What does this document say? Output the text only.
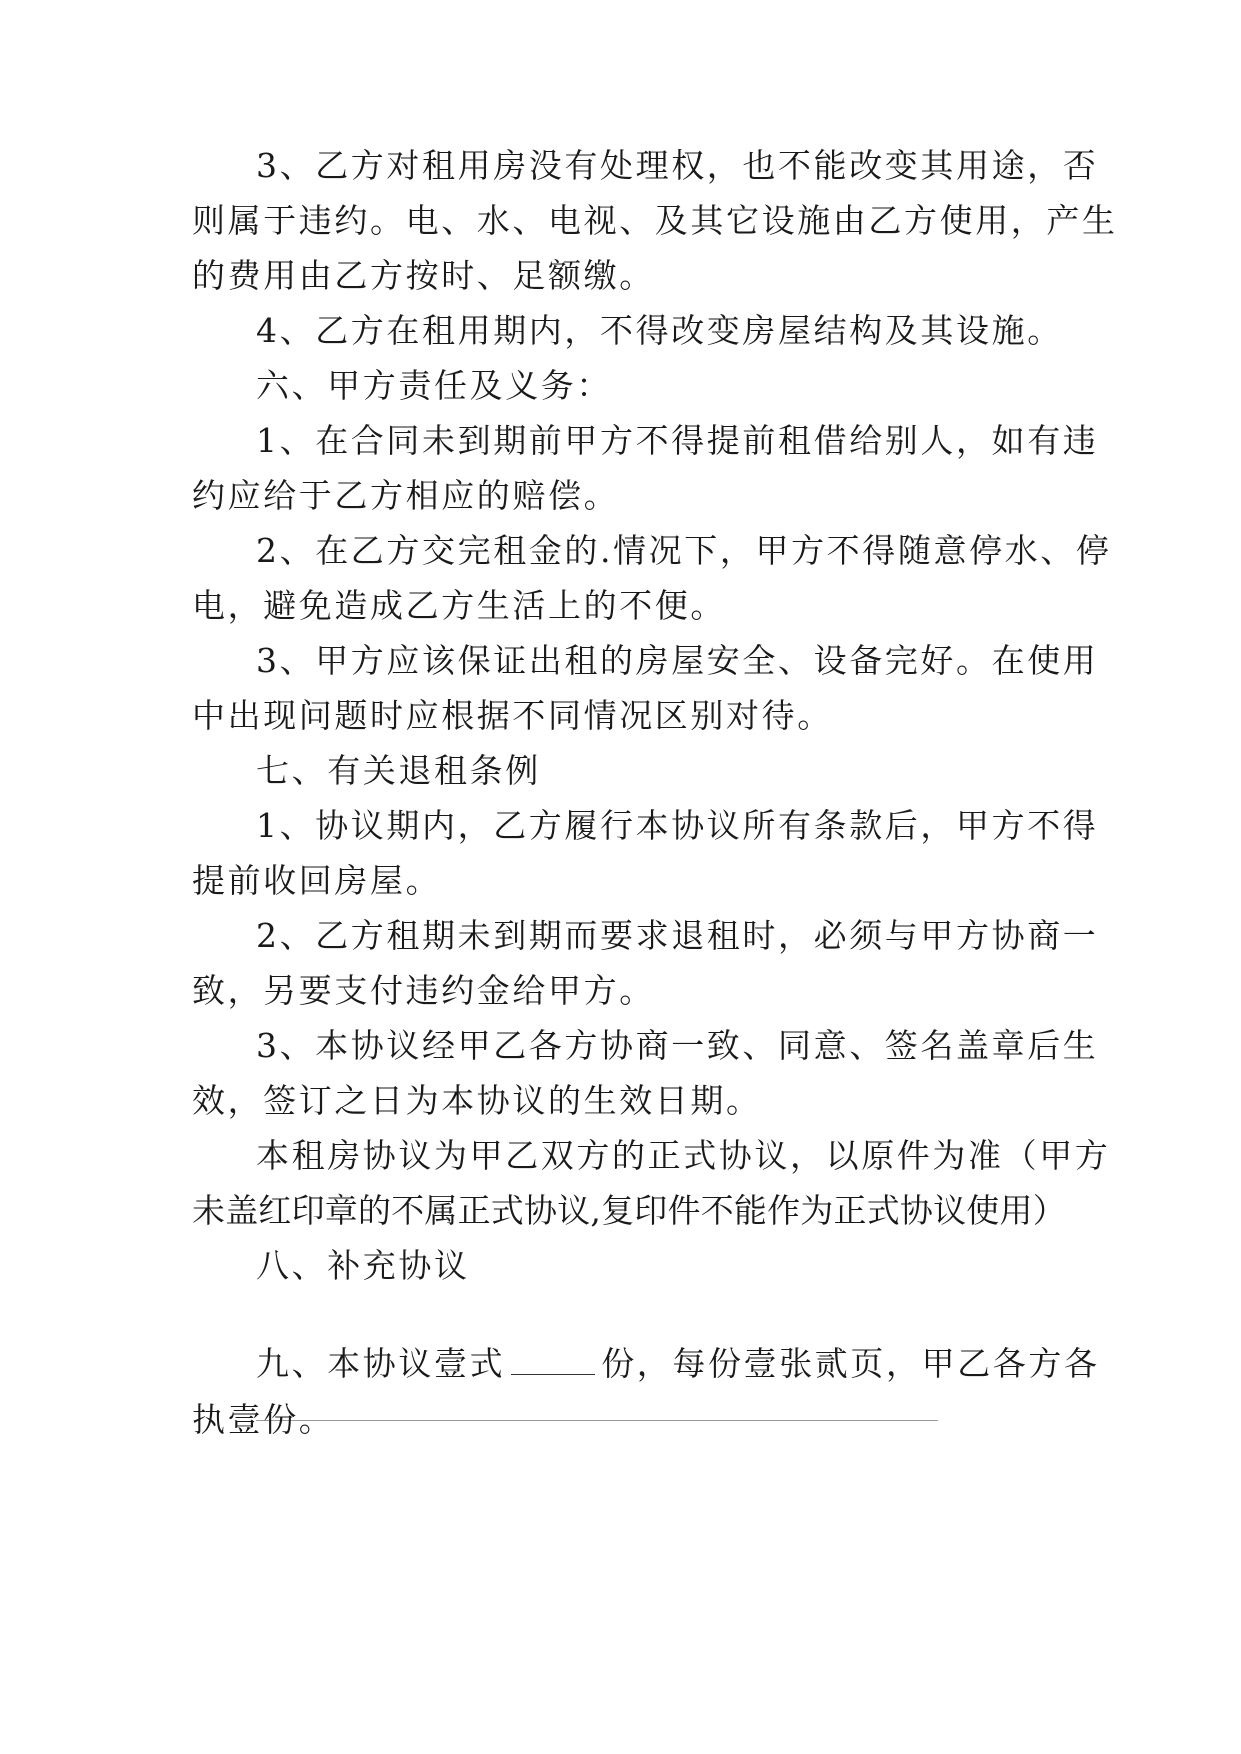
3、乙方对租用房没有处理权，也不能改变其用途，否
则属于违约。电、水、电视、及其它设施由乙方使用，产生
的费用由乙方按时、足额缴。
4、乙方在租用期内，不得改变房屋结构及其设施。
六、甲方责任及义务：
1、在合同未到期前甲方不得提前租借给别人，如有违
约应给于乙方相应的赔偿。
2、在乙方交完租金的.情况下，甲方不得随意停水、停
电，避免造成乙方生活上的不便。
3、甲方应该保证出租的房屋安全、设备完好。在使用
中出现问题时应根据不同情况区别对待。
七、有关退租条例
1、协议期内，乙方履行本协议所有条款后，甲方不得
提前收回房屋。
2、乙方租期未到期而要求退租时，必须与甲方协商一
致，另要支付违约金给甲方。
3、本协议经甲乙各方协商一致、同意、签名盖章后生
效，签订之日为本协议的生效日期。
本租房协议为甲乙双方的正式协议，以原件为准（甲方
未盖红印章的不属正式协议,复印件不能作为正式协议使用）
八、补充协议
九、本协议壹式	份，每份壹张贰页，甲乙各方各
执壹份。
